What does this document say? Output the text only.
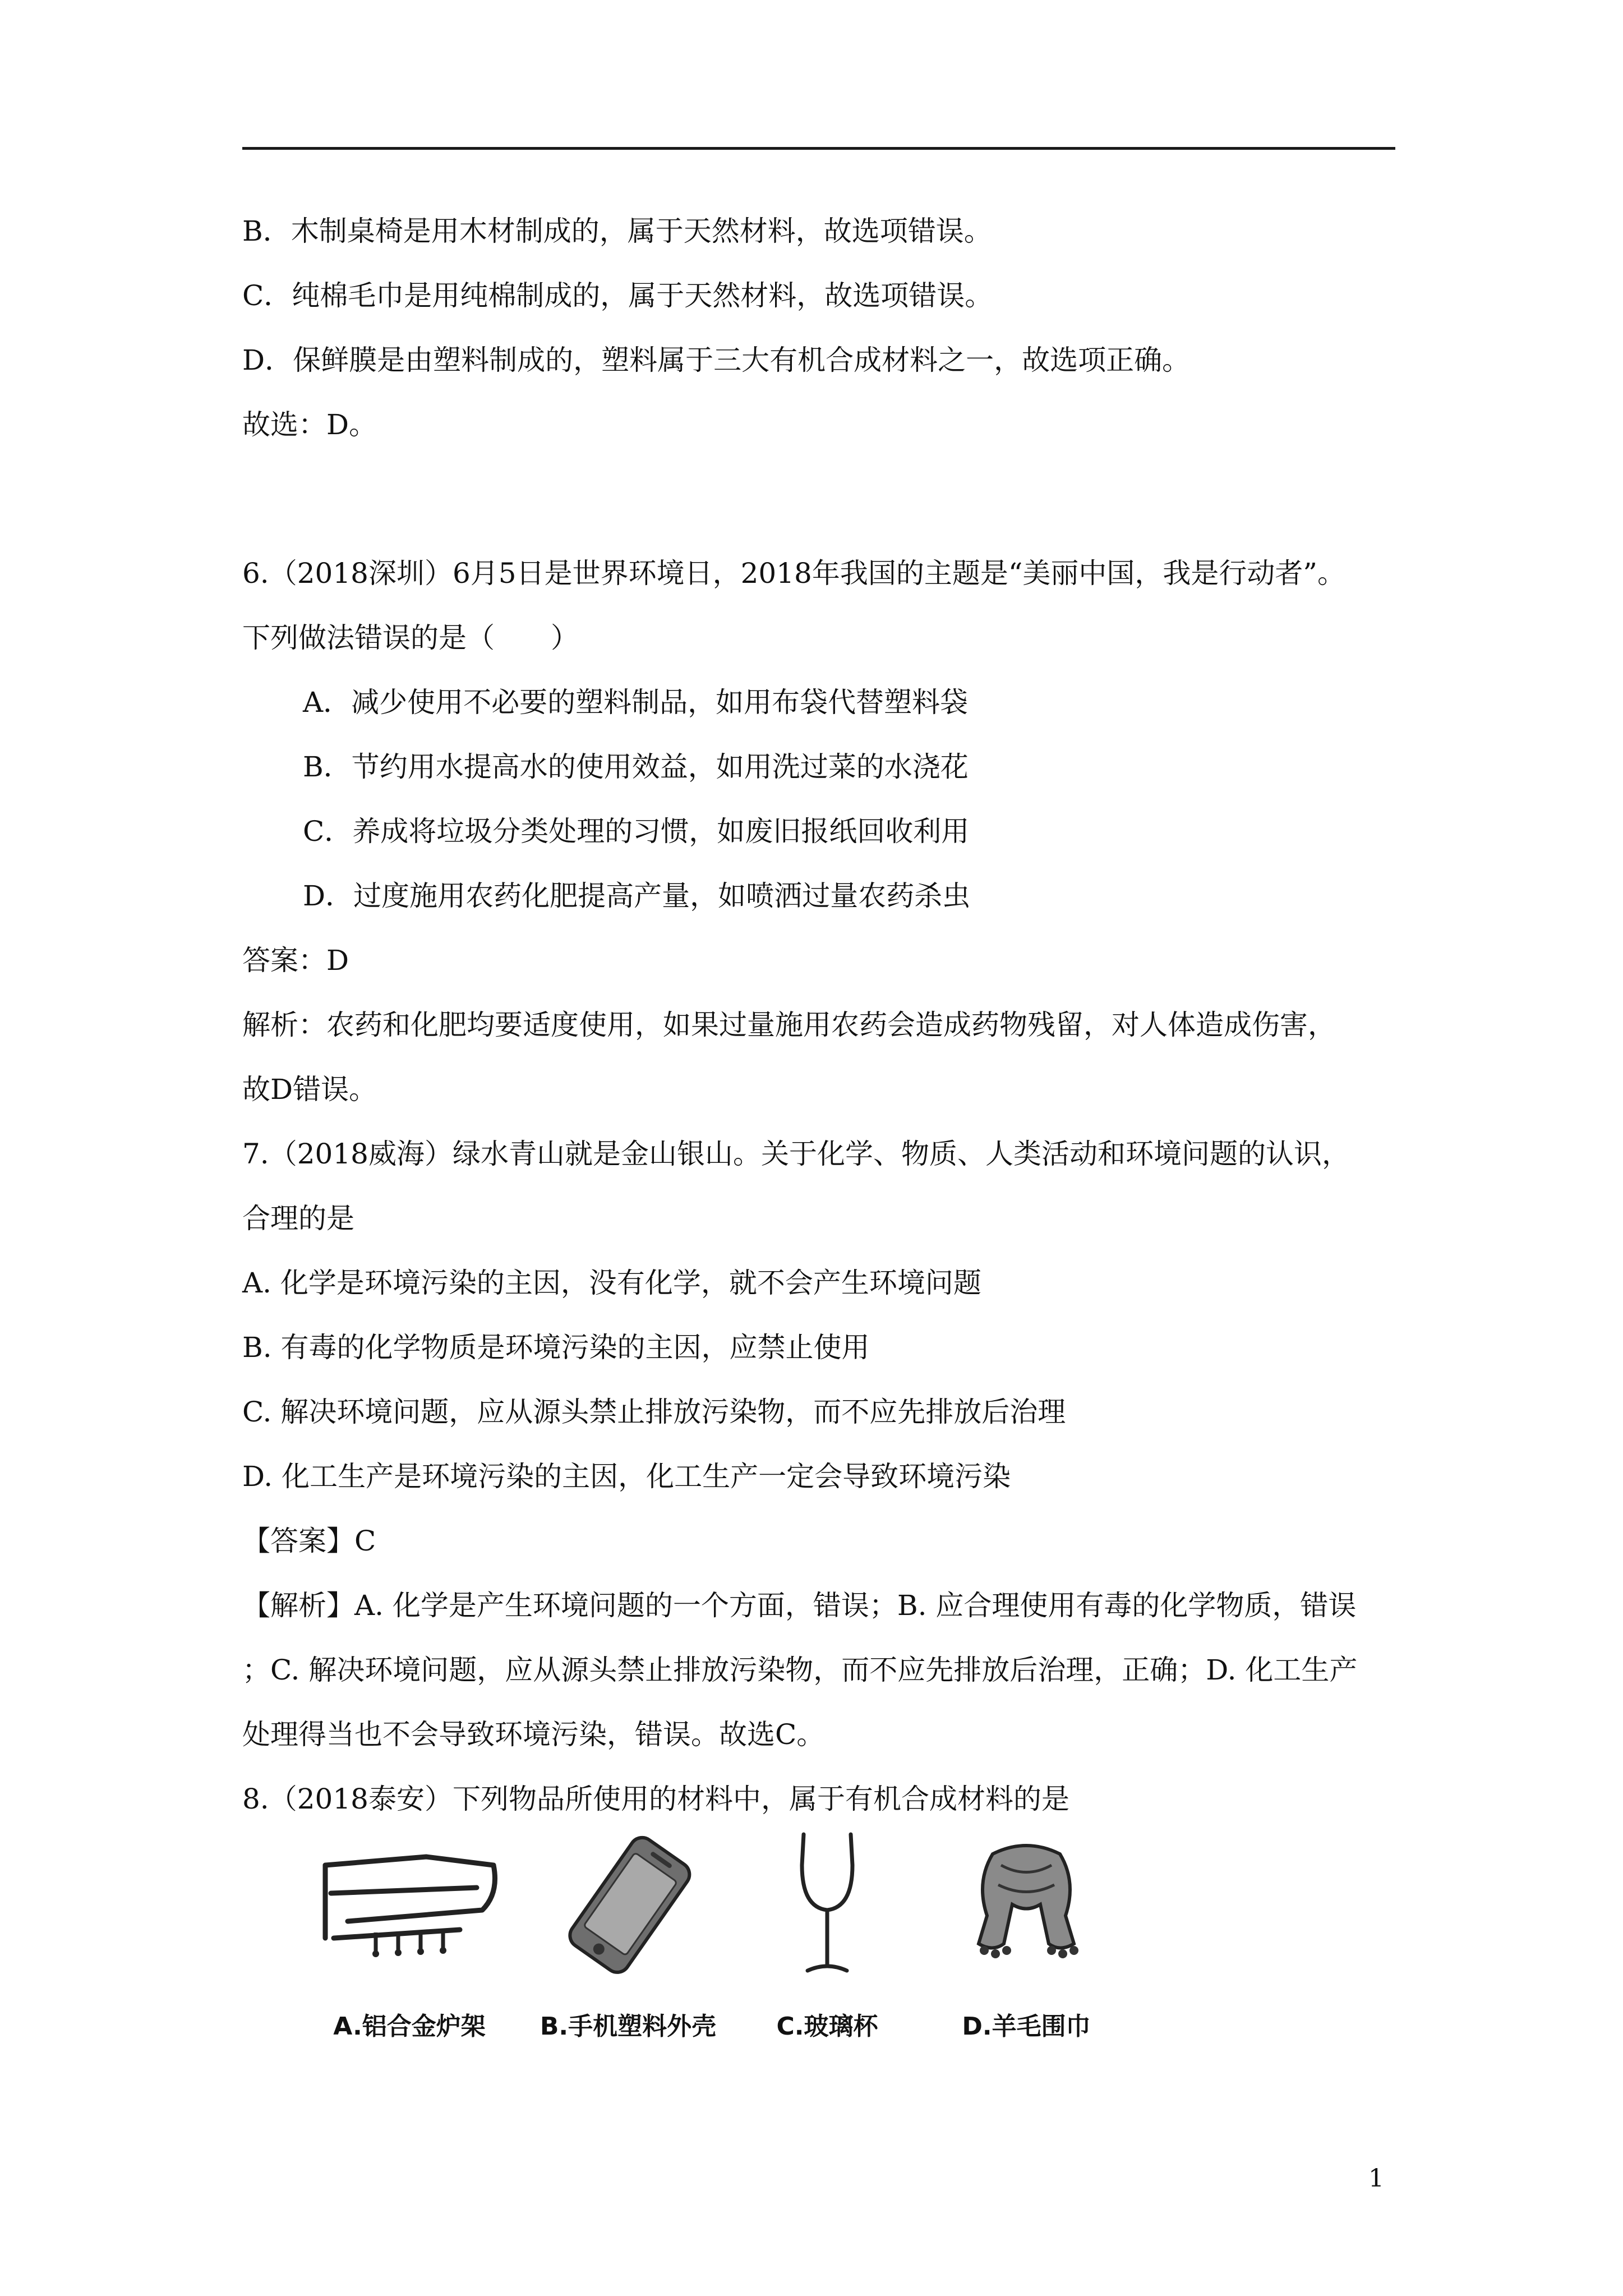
B．木制桌椅是用木材制成的，属于天然材料，故选项错误。
C．纯棉毛巾是用纯棉制成的，属于天然材料，故选项错误。
D．保鲜膜是由塑料制成的，塑料属于三大有机合成材料之一，故选项正确。
故选：D。
6.（2018深圳）6月5日是世界环境日，2018年我国的主题是“美丽中国，我是行动者”。
下列做法错误的是（　　）
A．减少使用不必要的塑料制品，如用布袋代替塑料袋
B．节约用水提高水的使用效益，如用洗过菜的水浇花
C．养成将垃圾分类处理的习惯，如废旧报纸回收利用
D．过度施用农药化肥提高产量，如喷洒过量农药杀虫
答案：D
解析：农药和化肥均要适度使用，如果过量施用农药会造成药物残留，对人体造成伤害，
故D错误。
7.（2018威海）绿水青山就是金山银山。关于化学、物质、人类活动和环境问题的认识，
合理的是
A. 化学是环境污染的主因，没有化学，就不会产生环境问题
B. 有毒的化学物质是环境污染的主因，应禁止使用
C. 解决环境问题，应从源头禁止排放污染物，而不应先排放后治理
D. 化工生产是环境污染的主因，化工生产一定会导致环境污染
【答案】C
【解析】A. 化学是产生环境问题的一个方面，错误；B. 应合理使用有毒的化学物质，错误
；C. 解决环境问题，应从源头禁止排放污染物，而不应先排放后治理，正确；D. 化工生产
处理得当也不会导致环境污染，错误。故选C。
8.（2018泰安）下列物品所使用的材料中，属于有机合成材料的是
A.铝合金炉架	B.手机塑料外壳	C.玻璃杯	D.羊毛围巾
1
